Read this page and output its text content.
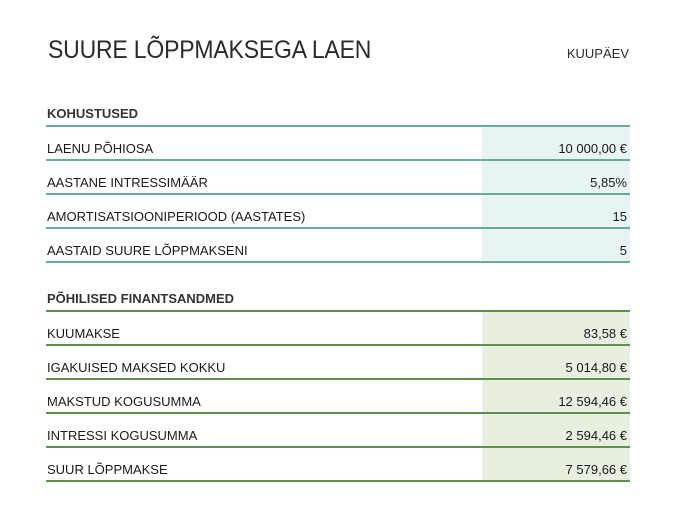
SUURE LÕPPMAKSEGA LAEN	KUUPÄEV
KOHUSTUSED
LAENU PÕHIOSA	10 000,00 €
AASTANE INTRESSIMÄÄR	5,85%
AMORTISATSIOONIPERIOOD (AASTATES)	15
AASTAID SUURE LÕPPMAKSENI	5
PÕHILISED FINANTSANDMED
KUUMAKSE	83,58 €
IGAKUISED MAKSED KOKKU	5 014,80 €
MAKSTUD KOGUSUMMA	12 594,46 €
INTRESSI KOGUSUMMA	2 594,46 €
SUUR LÕPPMAKSE	7 579,66 €
